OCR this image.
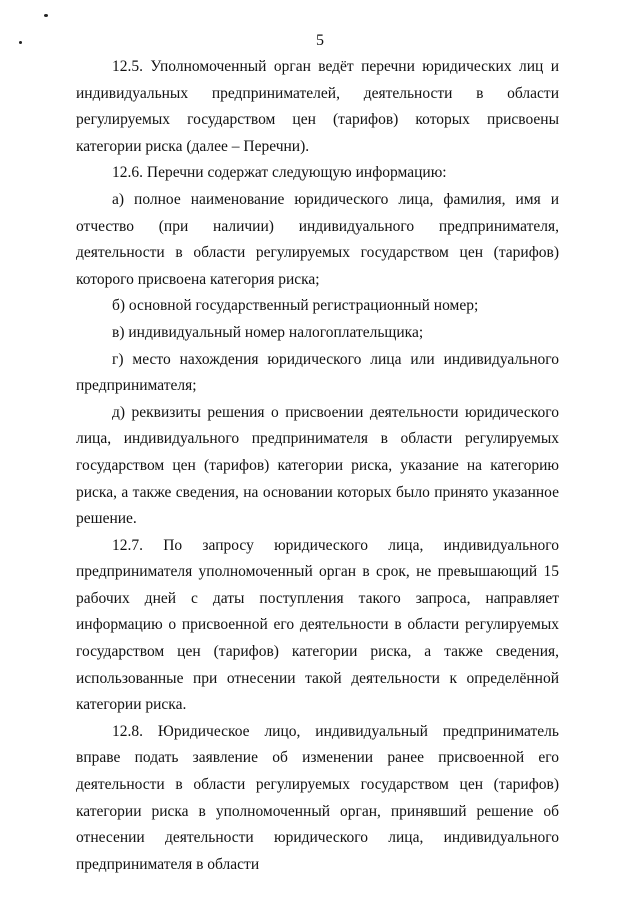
5

12.5. Уполномоченный орган ведёт перечни юридических лиц и индивидуальных предпринимателей, деятельности в области регулируемых государством цен (тарифов) которых присвоены категории риска (далее – Перечни).

12.6. Перечни содержат следующую информацию:

а) полное наименование юридического лица, фамилия, имя и отчество (при наличии) индивидуального предпринимателя, деятельности в области регулируемых государством цен (тарифов) которого присвоена категория риска;

б) основной государственный регистрационный номер;

в) индивидуальный номер налогоплательщика;

г) место нахождения юридического лица или индивидуального предпринимателя;

д) реквизиты решения о присвоении деятельности юридического лица, индивидуального предпринимателя в области регулируемых государством цен (тарифов) категории риска, указание на категорию риска, а также сведения, на основании которых было принято указанное решение.

12.7. По запросу юридического лица, индивидуального предпринимателя уполномоченный орган в срок, не превышающий 15 рабочих дней с даты поступления такого запроса, направляет информацию о присвоенной его деятельности в области регулируемых государством цен (тарифов) категории риска, а также сведения, использованные при отнесении такой деятельности к определённой категории риска.

12.8. Юридическое лицо, индивидуальный предприниматель вправе подать заявление об изменении ранее присвоенной его деятельности в области регулируемых государством цен (тарифов) категории риска в уполномоченный орган, принявший решение об отнесении деятельности юридического лица, индивидуального предпринимателя в области
